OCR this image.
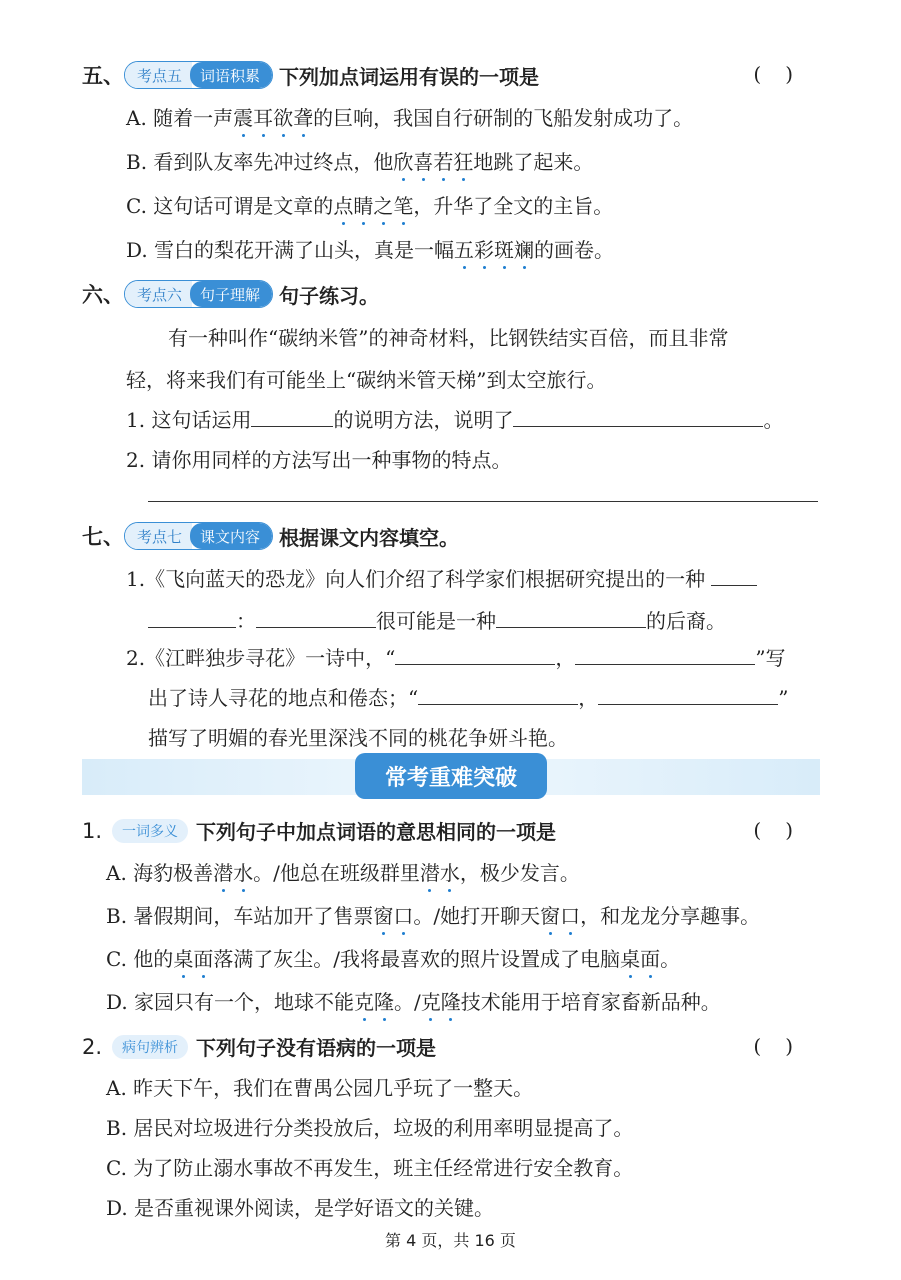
五、 考点五	词语积累 下列加点词运用有误的一项是	()
A. 随着一声震耳欲聋的巨响，我国自行研制的飞船发射成功了。
B. 看到队友率先冲过终点，他欣喜若狂地跳了起来。
C. 这句话可谓是文章的点睛之笔，升华了全文的主旨。
D. 雪白的梨花开满了山头，真是一幅五彩斑斓的画卷。
六、 考点六	句子理解 句子练习。
有一种叫作“碳纳米管”的神奇材料，比钢铁结实百倍，而且非常
轻，将来我们有可能坐上“碳纳米管天梯”到太空旅行。
1. 这句话运用	的说明方法，说明了	。
2. 请你用同样的方法写出一种事物的特点。
七、 考点七	课文内容 根据课文内容填空。
1.《飞向蓝天的恐龙》向人们介绍了科学家们根据研究提出的一种
：	很可能是一种	的后裔。
2.《江畔独步寻花》一诗中，“	，	”写
出了诗人寻花的地点和倦态；“	，	”
描写了明媚的春光里深浅不同的桃花争妍斗艳。
常考重难突破
1.	一词多义 下列句子中加点词语的意思相同的一项是	()
A. 海豹极善潜水。/他总在班级群里潜水，极少发言。
B. 暑假期间，车站加开了售票窗口。/她打开聊天窗口，和龙龙分享趣事。
C. 他的桌面落满了灰尘。/我将最喜欢的照片设置成了电脑桌面。
D. 家园只有一个，地球不能克隆。/克隆技术能用于培育家畜新品种。
2.	病句辨析 下列句子没有语病的一项是	()
A. 昨天下午，我们在曹禺公园几乎玩了一整天。
B. 居民对垃圾进行分类投放后，垃圾的利用率明显提高了。
C. 为了防止溺水事故不再发生，班主任经常进行安全教育。
D. 是否重视课外阅读，是学好语文的关键。
第 4 页，共 16 页
